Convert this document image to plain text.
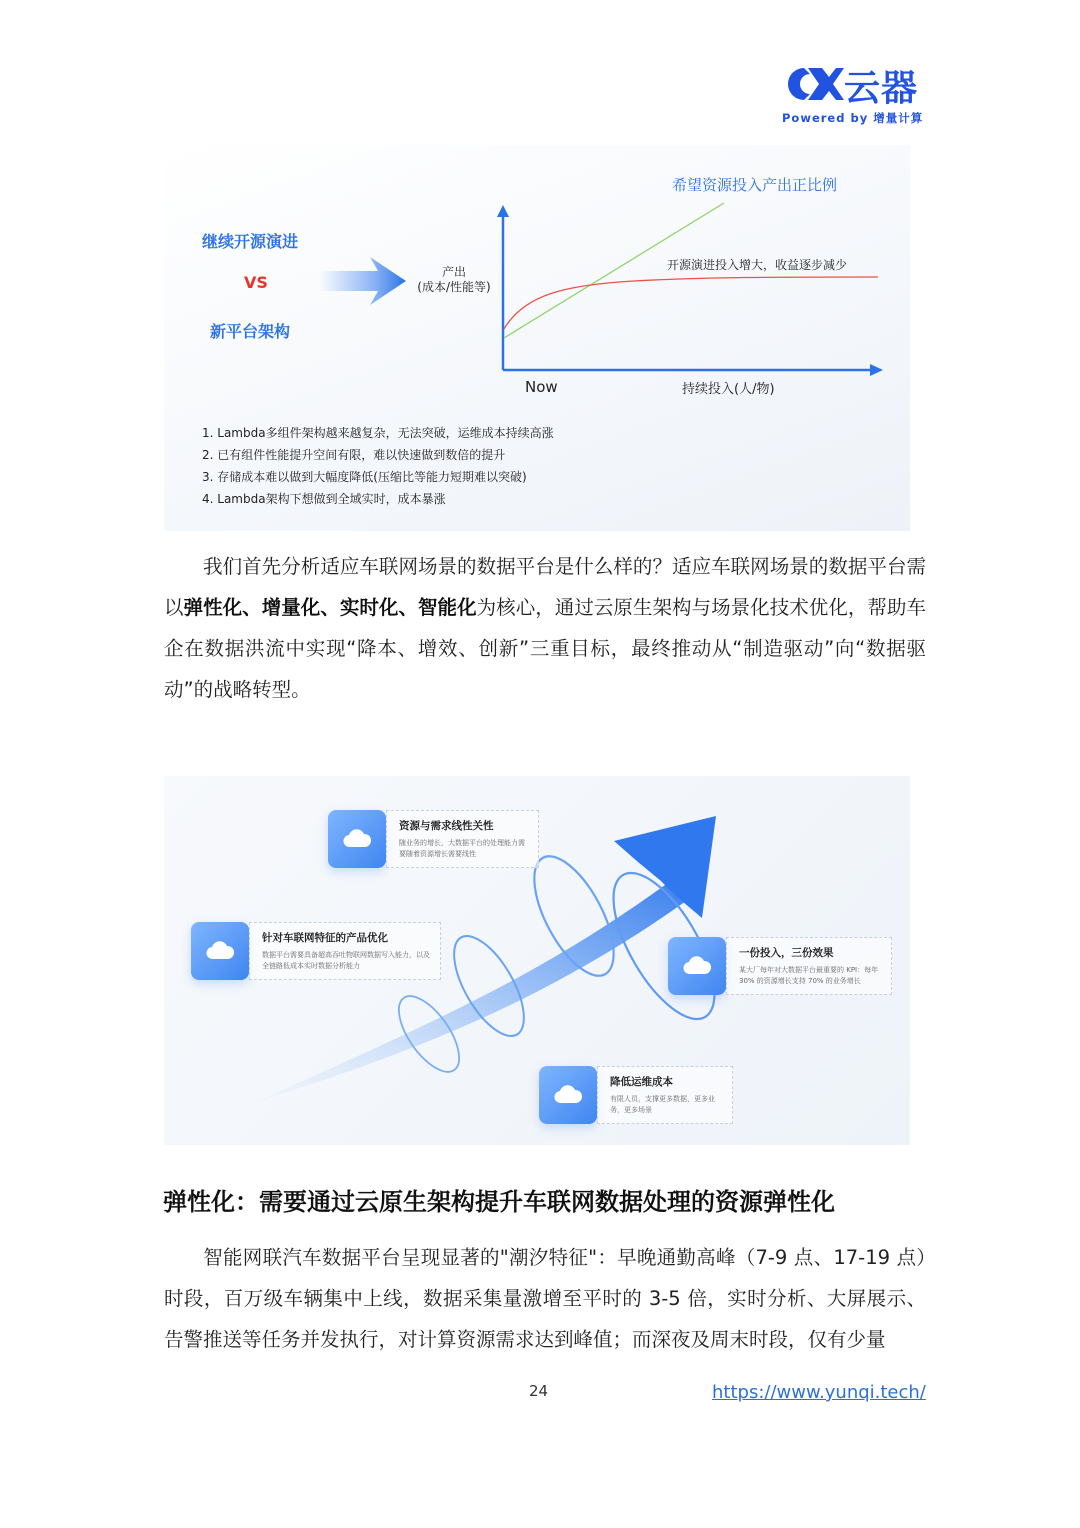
云器
Powered by 增量计算
继续开源演进
VS
新平台架构
产出
(成本/性能等)
希望资源投入产出正比例
开源演进投入增大，收益逐步减少
Now	持续投入(人/物)
1. Lambda多组件架构越来越复杂，无法突破，运维成本持续高涨
2. 已有组件性能提升空间有限，难以快速做到数倍的提升
3. 存储成本难以做到大幅度降低(压缩比等能力短期难以突破)
4. Lambda架构下想做到全域实时，成本暴涨

我们首先分析适应车联网场景的数据平台是什么样的？适应车联网场景的数据平台需以弹性化、增量化、实时化、智能化为核心，通过云原生架构与场景化技术优化，帮助车企在数据洪流中实现“降本、增效、创新”三重目标，最终推动从“制造驱动”向“数据驱动”的战略转型。

资源与需求线性关性
随业务的增长，大数据平台的处理能力需要随着资源增长需要线性
针对车联网特征的产品优化
数据平台需要具备超高吞吐物联网数据写入能力，以及全链路低成本实时数据分析能力
一份投入，三份效果
某大厂每年对大数据平台最重要的 KPI：每年 30% 的资源增长支持 70% 的业务增长
降低运维成本
有限人员，支撑更多数据，更多业务，更多场景
弹性化：需要通过云原生架构提升车联网数据处理的资源弹性化

智能网联汽车数据平台呈现显著的"潮汐特征"：早晚通勤高峰（7-9 点、17-19 点）时段，百万级车辆集中上线，数据采集量激增至平时的 3-5 倍，实时分析、大屏展示、告警推送等任务并发执行，对计算资源需求达到峰值；而深夜及周末时段，仅有少量

24	https://www.yunqi.tech/
